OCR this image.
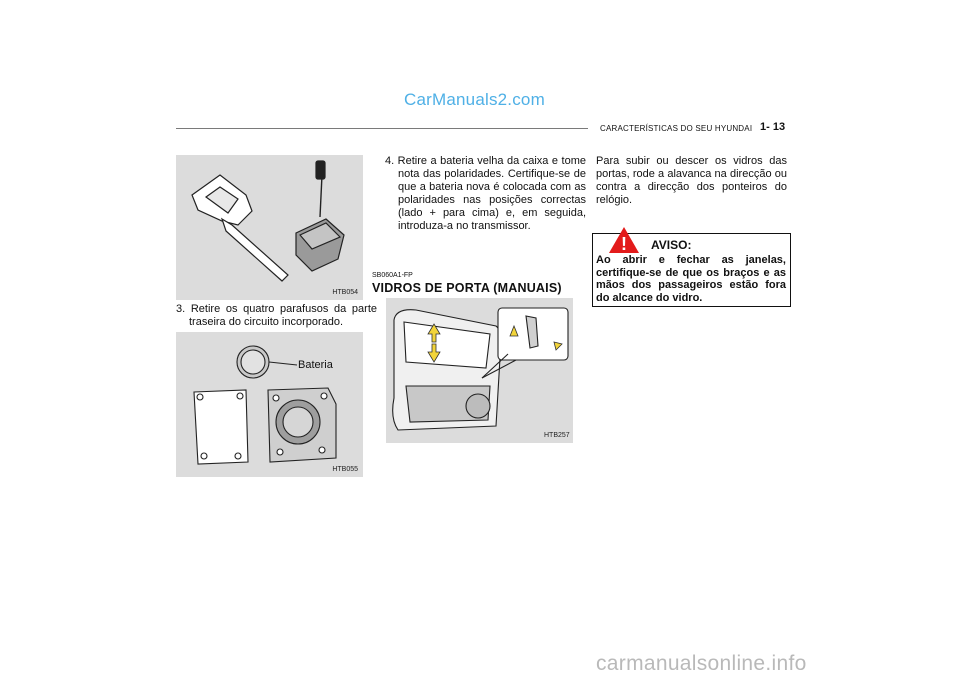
CarManuals2.com
CARACTERÍSTICAS DO SEU HYUNDAI 1- 13
HTB054
3. Retire os quatro parafusos da parte traseira do circuito incorporado.
HTB055
Bateria
4. Retire a bateria velha da caixa e tome nota das polaridades. Certifique-se de que a bateria nova é colocada com as polaridades nas posições correctas (lado + para cima) e, em seguida, introduza-a no transmissor.
SB060A1-FP
VIDROS DE PORTA (MANUAIS)
HTB257
Para subir ou descer os vidros das portas, rode a alavanca na direcção ou contra a direcção dos ponteiros do relógio.
! AVISO:
Ao abrir e fechar as janelas, certifique-se de que os braços e as mãos dos passageiros estão fora do alcance do vidro.
carmanualsonline.info
